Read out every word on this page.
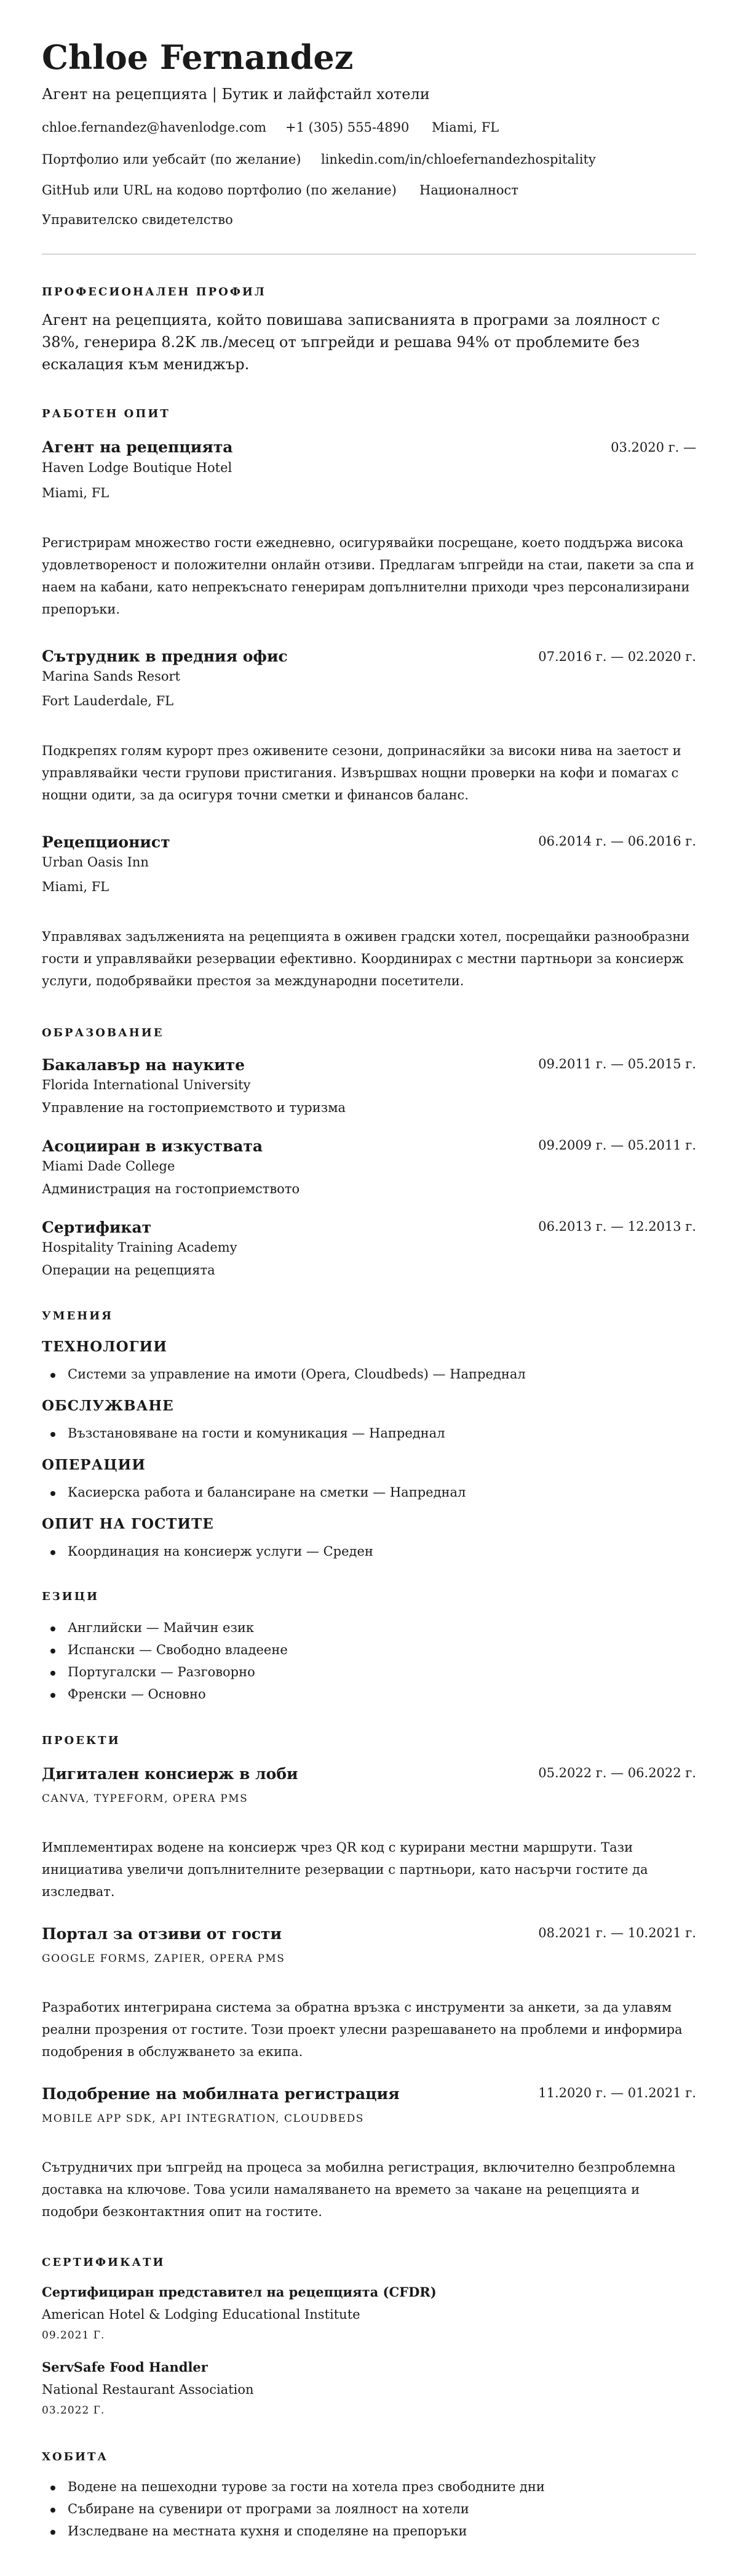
Chloe Fernandez
Агент на рецепцията | Бутик и лайфстайл хотели
chloe.fernandez@havenlodge.com +1 (305) 555-4890 Miami, FL
Портфолио или уебсайт (по желание) linkedin.com/in/chloefernandezhospitality
GitHub или URL на кодово портфолио (по желание) Националност
Управителско свидетелство
ПРОФЕСИОНАЛЕН ПРОФИЛ

Агент на рецепцията, който повишава записванията в програми за лоялност с 38%, генерира 8.2K лв./месец от ъпгрейди и решава 94% от проблемите без ескалация към мениджър.

РАБОТЕН ОПИТ
Агент на рецепцията	03.2020 г. —
Haven Lodge Boutique Hotel
Miami, FL

Регистрирам множество гости ежедневно, осигурявайки посрещане, което поддържа висока удовлетвореност и положителни онлайн отзиви. Предлагам ъпгрейди на стаи, пакети за спа и наем на кабани, като непрекъснато генерирам допълнителни приходи чрез персонализирани препоръки.

Сътрудник в предния офис	07.2016 г. — 02.2020 г.
Marina Sands Resort
Fort Lauderdale, FL

Подкрепях голям курорт през оживените сезони, допринасяйки за високи нива на заетост и управлявайки чести групови пристигания. Извършвах нощни проверки на кофи и помагах с нощни одити, за да осигуря точни сметки и финансов баланс.

Рецепционист	06.2014 г. — 06.2016 г.
Urban Oasis Inn
Miami, FL

Управлявах задълженията на рецепцията в оживен градски хотел, посрещайки разнообразни гости и управлявайки резервации ефективно. Координирах с местни партньори за консиерж услуги, подобрявайки престоя за международни посетители.

ОБРАЗОВАНИЕ
Бакалавър на науките	09.2011 г. — 05.2015 г.
Florida International University
Управление на гостоприемството и туризма
Асоцииран в изкуствата	09.2009 г. — 05.2011 г.
Miami Dade College
Администрация на гостоприемството
Сертификат	06.2013 г. — 12.2013 г.
Hospitality Training Academy
Операции на рецепцията
УМЕНИЯ
ТЕХНОЛОГИИ
Системи за управление на имоти (Opera, Cloudbeds) — Напреднал
ОБСЛУЖВАНЕ
Възстановяване на гости и комуникация — Напреднал
ОПЕРАЦИИ
Касиерска работа и балансиране на сметки — Напреднал
ОПИТ НА ГОСТИТЕ
Координация на консиерж услуги — Среден
ЕЗИЦИ
Английски — Майчин език
Испански — Свободно владеене
Португалски — Разговорно
Френски — Основно
ПРОЕКТИ
Дигитален консиерж в лоби	05.2022 г. — 06.2022 г.
CANVA, TYPEFORM, OPERA PMS

Имплементирах водене на консиерж чрез QR код с курирани местни маршрути. Тази инициатива увеличи допълнителните резервации с партньори, като насърчи гостите да изследват.

Портал за отзиви от гости	08.2021 г. — 10.2021 г.
GOOGLE FORMS, ZAPIER, OPERA PMS

Разработих интегрирана система за обратна връзка с инструменти за анкети, за да улавям реални прозрения от гостите. Този проект улесни разрешаването на проблеми и информира подобрения в обслужването за екипа.

Подобрение на мобилната регистрация	11.2020 г. — 01.2021 г.
MOBILE APP SDK, API INTEGRATION, CLOUDBEDS

Сътрудничих при ъпгрейд на процеса за мобилна регистрация, включително безпроблемна доставка на ключове. Това усили намаляването на времето за чакане на рецепцията и подобри безконтактния опит на гостите.

СЕРТИФИКАТИ
Сертифициран представител на рецепцията (CFDR)
American Hotel & Lodging Educational Institute
09.2021 Г.
ServSafe Food Handler
National Restaurant Association
03.2022 Г.
ХОБИТА
Водене на пешеходни турове за гости на хотела през свободните дни
Събиране на сувенири от програми за лоялност на хотели
Изследване на местната кухня и споделяне на препоръки
